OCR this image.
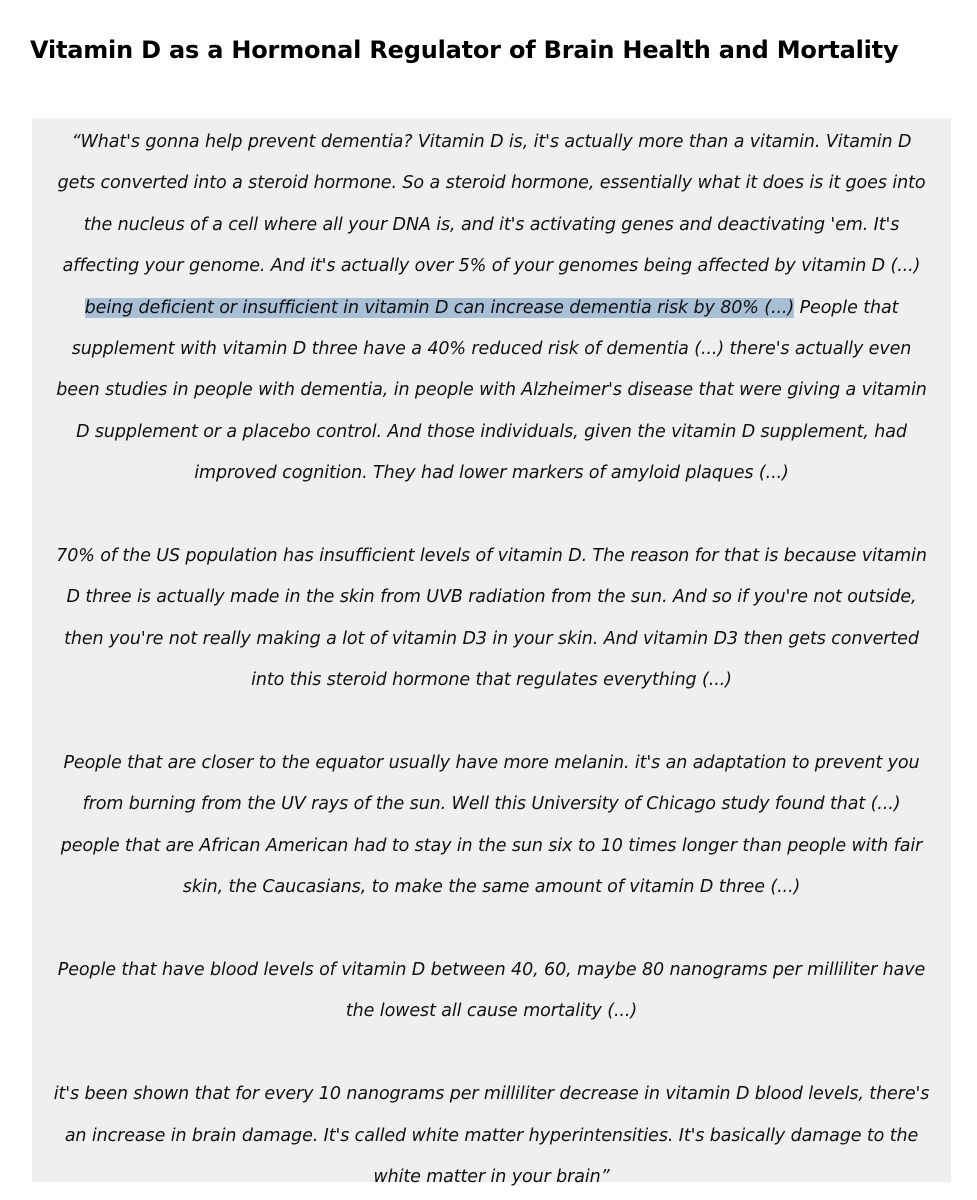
Vitamin D as a Hormonal Regulator of Brain Health and Mortality

“What's gonna help prevent dementia? Vitamin D is, it's actually more than a vitamin. Vitamin D gets converted into a steroid hormone. So a steroid hormone, essentially what it does is it goes into the nucleus of a cell where all your DNA is, and it's activating genes and deactivating 'em. It's affecting your genome. And it's actually over 5% of your genomes being affected by vitamin D (...) being deficient or insufficient in vitamin D can increase dementia risk by 80% (...) People that supplement with vitamin D three have a 40% reduced risk of dementia (...) there's actually even been studies in people with dementia, in people with Alzheimer's disease that were giving a vitamin D supplement or a placebo control. And those individuals, given the vitamin D supplement, had improved cognition. They had lower markers of amyloid plaques (...)

70% of the US population has insufficient levels of vitamin D. The reason for that is because vitamin D three is actually made in the skin from UVB radiation from the sun. And so if you're not outside, then you're not really making a lot of vitamin D3 in your skin. And vitamin D3 then gets converted into this steroid hormone that regulates everything (...)

People that are closer to the equator usually have more melanin. it's an adaptation to prevent you from burning from the UV rays of the sun. Well this University of Chicago study found that (...) people that are African American had to stay in the sun six to 10 times longer than people with fair skin, the Caucasians, to make the same amount of vitamin D three (...)

People that have blood levels of vitamin D between 40, 60, maybe 80 nanograms per milliliter have the lowest all cause mortality (...)

it's been shown that for every 10 nanograms per milliliter decrease in vitamin D blood levels, there's an increase in brain damage. It's called white matter hyperintensities. It's basically damage to the white matter in your brain”
